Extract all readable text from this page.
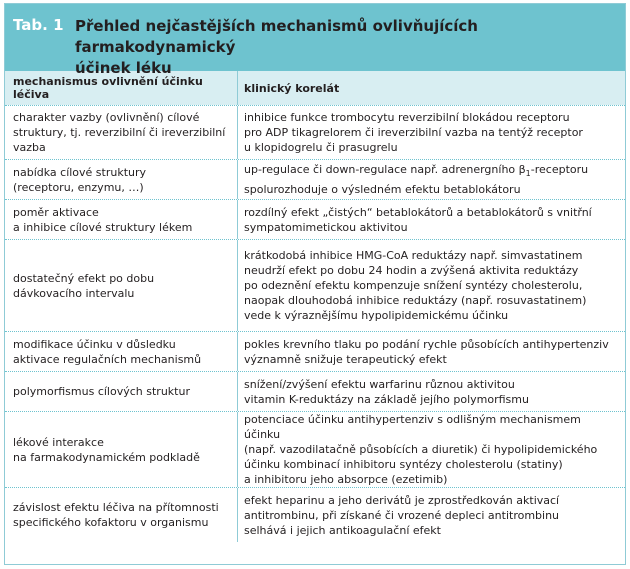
Tab. 1 Přehled nejčastějších mechanismů ovlivňujících farmakodynamický
účinek léku
mechanismus ovlivnění účinku léčiva	klinický korelát
charakter vazby (ovlivnění) cílové
struktury, tj. reverzibilní či ireverzibilní
vazba
inhibice funkce trombocytu reverzibilní blokádou receptoru
pro ADP tikagrelorem či ireverzibilní vazba na tentýž receptor
u klopidogrelu či prasugrelu
nabídka cílové struktury
(receptoru, enzymu, …)
up-regulace či down-regulace např. adrenergního $\beta_1$-receptoru
spolurozhoduje o výsledném efektu betablokátoru
poměr aktivace
a inhibice cílové struktury lékem
rozdílný efekt „čistých“ betablokátorů a betablokátorů s vnitřní
sympatomimetickou aktivitou
dostatečný efekt po dobu
dávkovacího intervalu
krátkodobá inhibice HMG-CoA reduktázy např. simvastatinem
neudrží efekt po dobu 24 hodin a zvýšená aktivita reduktázy
po odeznění efektu kompenzuje snížení syntézy cholesterolu,
naopak dlouhodobá inhibice reduktázy (např. rosuvastatinem)
vede k výraznějšímu hypolipidemickému účinku
modifikace účinku v důsledku
aktivace regulačních mechanismů
pokles krevního tlaku po podání rychle působících antihypertenziv
významně snižuje terapeutický efekt
polymorfismus cílových struktur
snížení/zvýšení efektu warfarinu různou aktivitou
vitamin K-reduktázy na základě jejího polymorfismu
lékové interakce
na farmakodynamickém podkladě
potenciace účinku antihypertenziv s odlišným mechanismem účinku
(např. vazodilatačně působících a diuretik) či hypolipidemického
účinku kombinací inhibitoru syntézy cholesterolu (statiny)
a inhibitoru jeho absorpce (ezetimib)
závislost efektu léčiva na přítomnosti
specifického kofaktoru v organismu
efekt heparinu a jeho derivátů je zprostředkován aktivací
antitrombinu, při získané či vrozené depleci antitrombinu
selhává i jejich antikoagulační efekt
